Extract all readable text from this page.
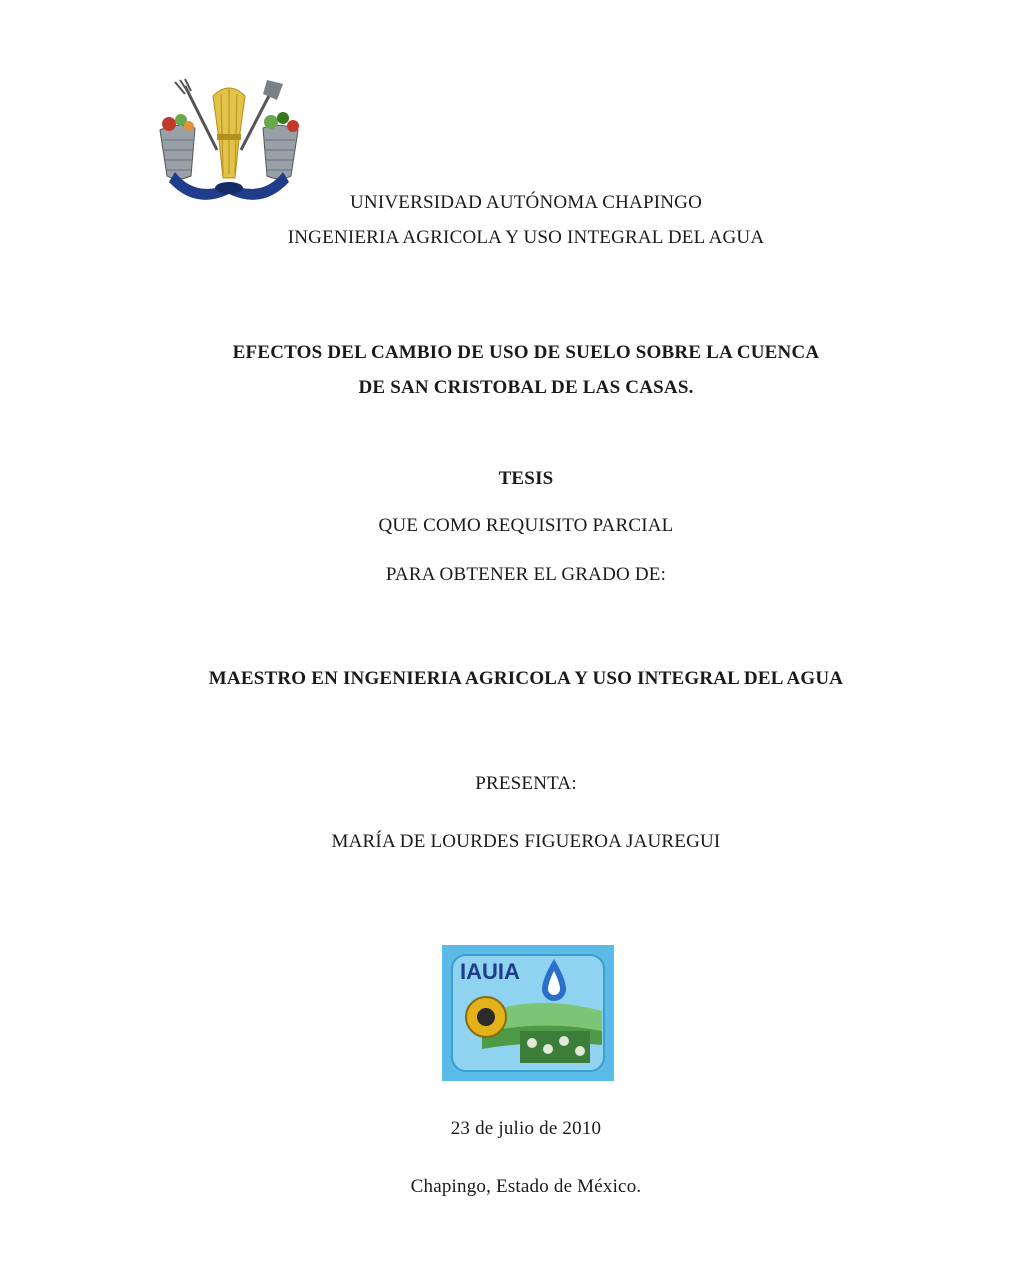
UNIVERSIDAD AUTÓNOMA CHAPINGO
INGENIERIA AGRICOLA Y USO INTEGRAL DEL AGUA
EFECTOS DEL CAMBIO DE USO DE SUELO SOBRE LA CUENCA
DE SAN CRISTOBAL DE LAS CASAS.
TESIS
QUE COMO REQUISITO PARCIAL
PARA OBTENER EL GRADO DE:
MAESTRO EN INGENIERIA AGRICOLA Y USO INTEGRAL DEL AGUA
PRESENTA:
MARÍA DE LOURDES FIGUEROA JAUREGUI
IAUIA
23 de julio de 2010
Chapingo, Estado de México.
